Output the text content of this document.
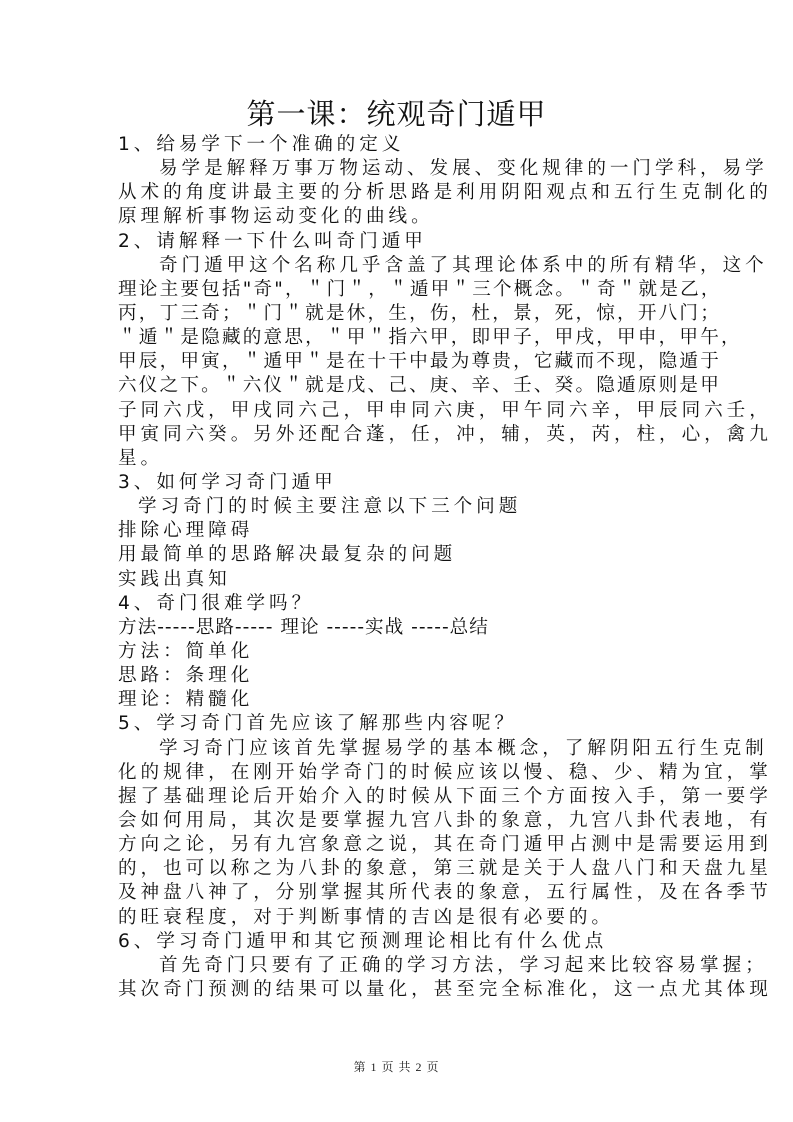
第一课：统观奇门遁甲
1、给易学下一个准确的定义
易学是解释万事万物运动、发展、变化规律的一门学科，易学
从术的角度讲最主要的分析思路是利用阴阳观点和五行生克制化的
原理解析事物运动变化的曲线。
2、请解释一下什么叫奇门遁甲
奇门遁甲这个名称几乎含盖了其理论体系中的所有精华，这个
理论主要包括"奇"，＂门＂，＂遁甲＂三个概念。＂奇＂就是乙，
丙，丁三奇；＂门＂就是休，生，伤，杜，景，死，惊，开八门；
＂遁＂是隐藏的意思，＂甲＂指六甲，即甲子，甲戌，甲申，甲午，
甲辰，甲寅，＂遁甲＂是在十干中最为尊贵，它藏而不现，隐遁于
六仪之下。＂六仪＂就是戊、己、庚、辛、壬、癸。隐遁原则是甲
子同六戊，甲戌同六己，甲申同六庚，甲午同六辛，甲辰同六壬，
甲寅同六癸。另外还配合蓬，任，冲，辅，英，芮，柱，心，禽九
星。
3、如何学习奇门遁甲
学习奇门的时候主要注意以下三个问题
排除心理障碍
用最简单的思路解决最复杂的问题
实践出真知
4、奇门很难学吗？
方法-----思路----- 理论 -----实战 -----总结
方法：简单化
思路：条理化
理论：精髓化
5、学习奇门首先应该了解那些内容呢？
学习奇门应该首先掌握易学的基本概念，了解阴阳五行生克制
化的规律，在刚开始学奇门的时候应该以慢、稳、少、精为宜，掌
握了基础理论后开始介入的时候从下面三个方面按入手，第一要学
会如何用局，其次是要掌握九宫八卦的象意，九宫八卦代表地，有
方向之论，另有九宫象意之说，其在奇门遁甲占测中是需要运用到
的，也可以称之为八卦的象意，第三就是关于人盘八门和天盘九星
及神盘八神了，分别掌握其所代表的象意，五行属性，及在各季节
的旺衰程度，对于判断事情的吉凶是很有必要的。
6、学习奇门遁甲和其它预测理论相比有什么优点
首先奇门只要有了正确的学习方法，学习起来比较容易掌握；
其次奇门预测的结果可以量化，甚至完全标准化，这一点尤其体现
第 1 页 共 2 页
